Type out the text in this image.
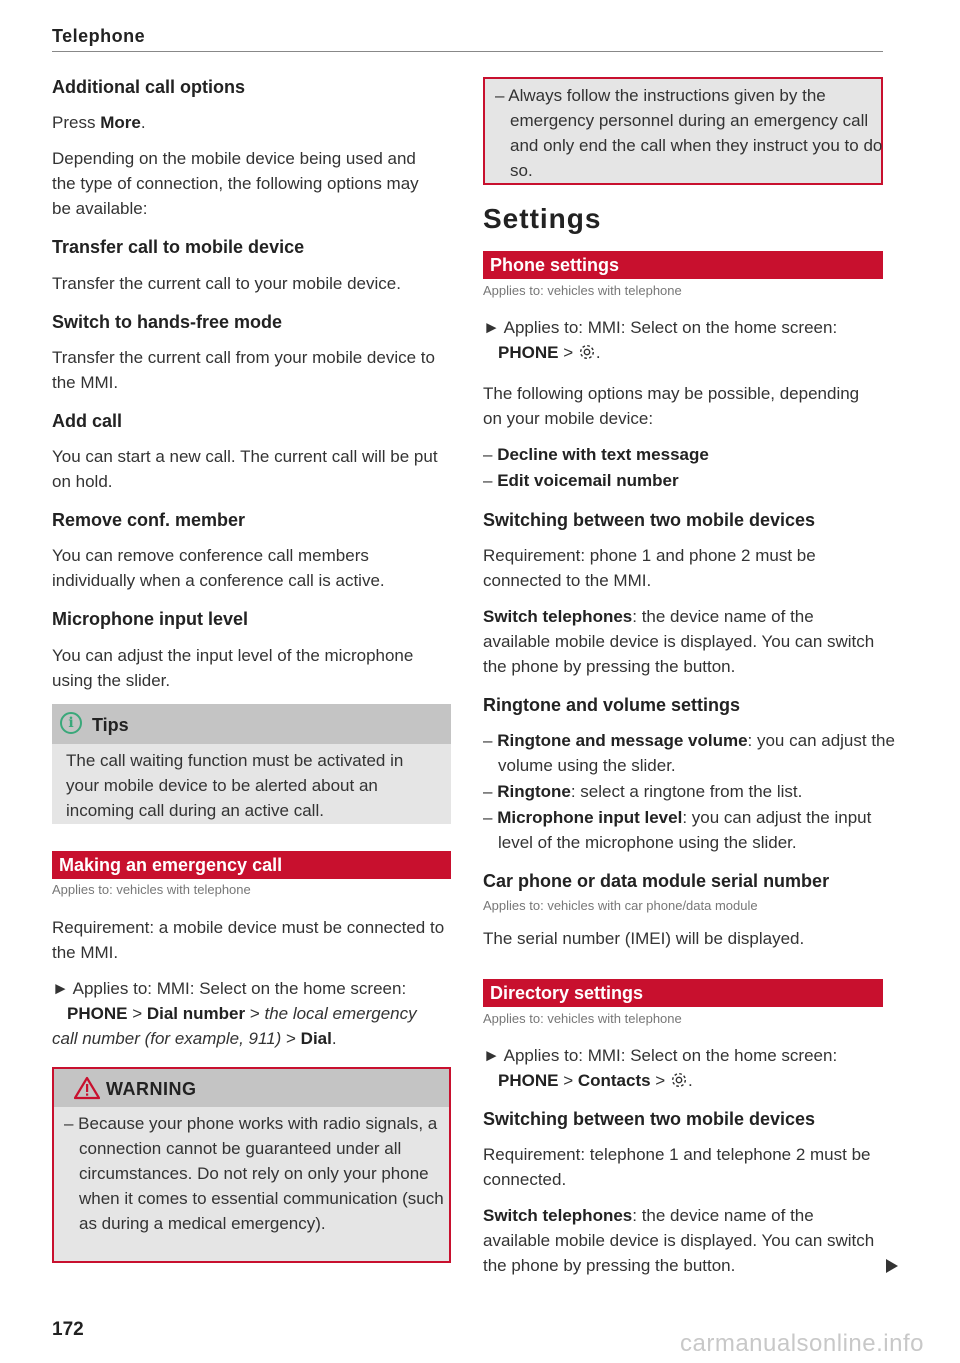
Telephone
Additional call options

Press More.

Depending on the mobile device being used and the type of connection, the following options may be available:

Transfer call to mobile device

Transfer the current call to your mobile device.

Switch to hands-free mode

Transfer the current call from your mobile device to the MMI.

Add call

You can start a new call. The current call will be put on hold.

Remove conf. member

You can remove conference call members individually when a conference call is active.

Microphone input level

You can adjust the input level of the microphone using the slider.

i	Tips

The call waiting function must be activated in your mobile device to be alerted about an incoming call during an active call.

Making an emergency call
Applies to: vehicles with telephone

Requirement: a mobile device must be connected to the MMI.

► Applies to: MMI: Select on the home screen:
PHONE > Dial number > the local emergency call number (for example, 911) > Dial.

WARNING

– Because your phone works with radio signals, a connection cannot be guaranteed under all circumstances. Do not rely on only your phone when it comes to essential communication (such as during a medical emergency).

172

– Always follow the instructions given by the emergency personnel during an emergency call and only end the call when they instruct you to do so.

Settings
Phone settings
Applies to: vehicles with telephone

► Applies to: MMI: Select on the home screen:
PHONE > .

The following options may be possible, depending on your mobile device:

– Decline with text message

– Edit voicemail number

Switching between two mobile devices

Requirement: phone 1 and phone 2 must be connected to the MMI.

Switch telephones: the device name of the available mobile device is displayed. You can switch the phone by pressing the button.

Ringtone and volume settings

– Ringtone and message volume: you can adjust the volume using the slider.

– Ringtone: select a ringtone from the list.

– Microphone input level: you can adjust the input level of the microphone using the slider.

Car phone or data module serial number
Applies to: vehicles with car phone/data module

The serial number (IMEI) will be displayed.

Directory settings
Applies to: vehicles with telephone

► Applies to: MMI: Select on the home screen:
PHONE > Contacts > .

Switching between two mobile devices

Requirement: telephone 1 and telephone 2 must be connected.

Switch telephones: the device name of the available mobile device is displayed. You can switch the phone by pressing the button.

carmanualsonline.info
